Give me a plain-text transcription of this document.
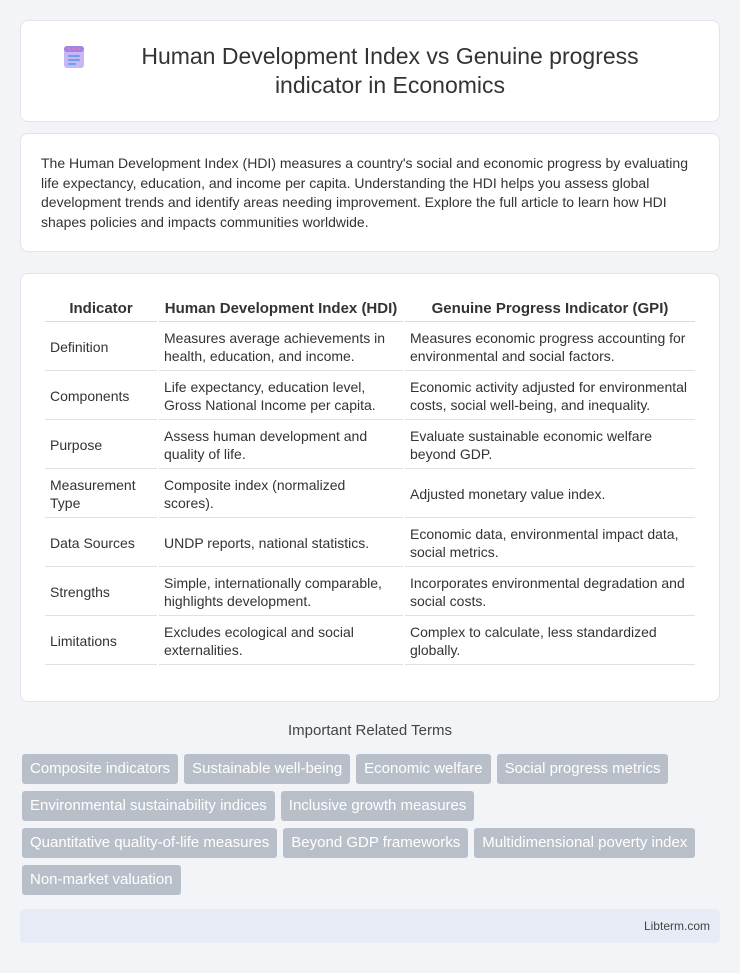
Human Development Index vs Genuine progress indicator in Economics

The Human Development Index (HDI) measures a country's social and economic progress by evaluating life expectancy, education, and income per capita. Understanding the HDI helps you assess global development trends and identify areas needing improvement. Explore the full article to learn how HDI shapes policies and impacts communities worldwide.

Indicator	Human Development Index (HDI)	Genuine Progress Indicator (GPI)
Definition	Measures average achievements in health, education, and income.	Measures economic progress accounting for environmental and social factors.
Components	Life expectancy, education level, Gross National Income per capita.	Economic activity adjusted for environmental costs, social well-being, and inequality.
Purpose	Assess human development and quality of life.	Evaluate sustainable economic welfare beyond GDP.
Measurement Type	Composite index (normalized scores).	Adjusted monetary value index.
Data Sources	UNDP reports, national statistics.	Economic data, environmental impact data, social metrics.
Strengths	Simple, internationally comparable, highlights development.	Incorporates environmental degradation and social costs.
Limitations	Excludes ecological and social externalities.	Complex to calculate, less standardized globally.
Important Related Terms
Composite indicators	Sustainable well-being	Economic welfare	Social progress metrics
Environmental sustainability indices	Inclusive growth measures
Quantitative quality-of-life measures	Beyond GDP frameworks	Multidimensional poverty index
Non-market valuation
Libterm.com
